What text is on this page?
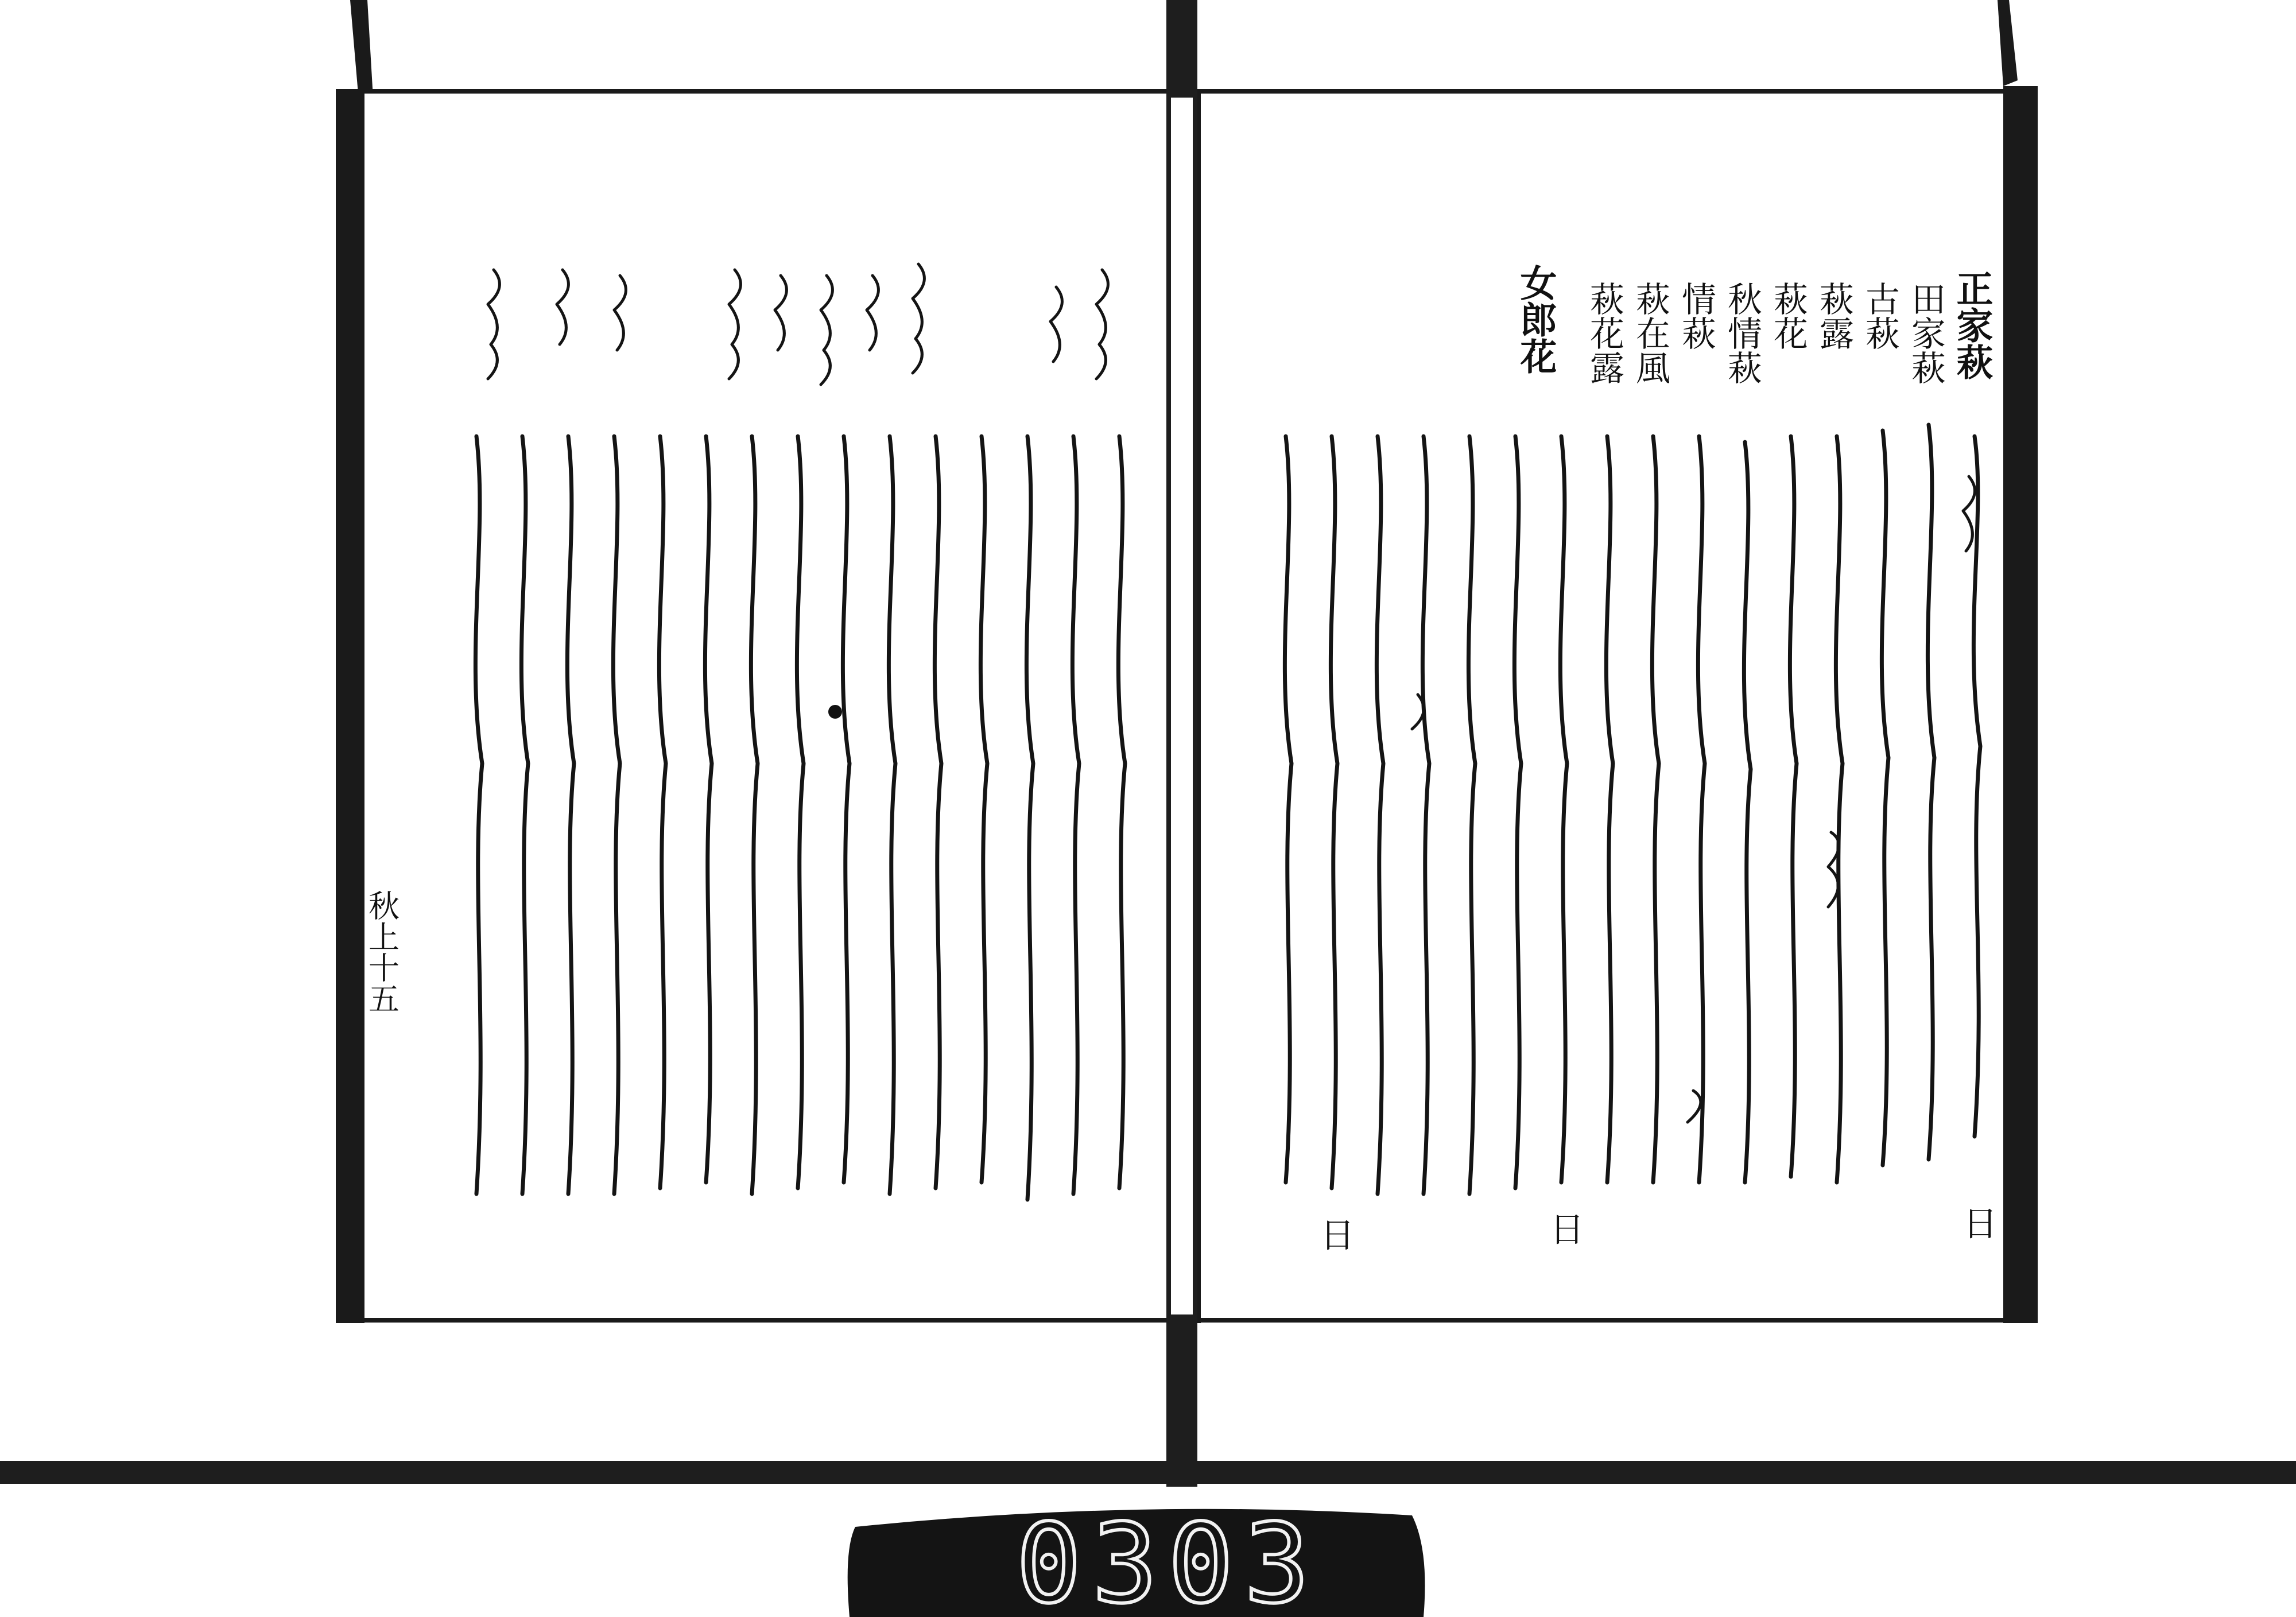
正家萩
田家萩
古萩
萩露
萩花
秋情萩
情萩
萩在風
萩花露
女郎花
日
日
日
秋上十五
0303
